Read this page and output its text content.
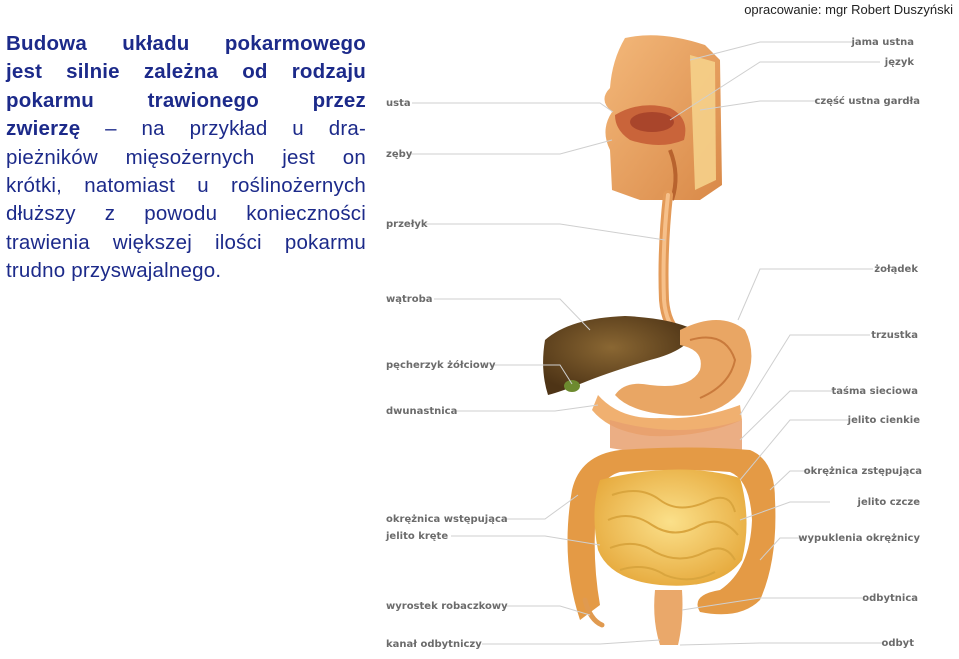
opracowanie: mgr Robert Duszyński
Budowa układu pokarmowego
jest silnie zależna od rodzaju
pokarmu trawionego przez
zwierzę – na przykład u dra-
pieżników mięsożernych jest on
krótki, natomiast u roślinożernych
dłuższy z powodu konieczności
trawienia większej ilości pokarmu
trudno przyswajalnego.
usta
zęby
przełyk
wątroba
pęcherzyk żółciowy
dwunastnica
okrężnica wstępująca
jelito kręte
wyrostek robaczkowy
kanał odbytniczy
jama ustna
język
część ustna gardła
żołądek
trzustka
taśma sieciowa
jelito cienkie
okrężnica zstępująca
jelito czcze
wypuklenia okrężnicy
odbytnica
odbyt
